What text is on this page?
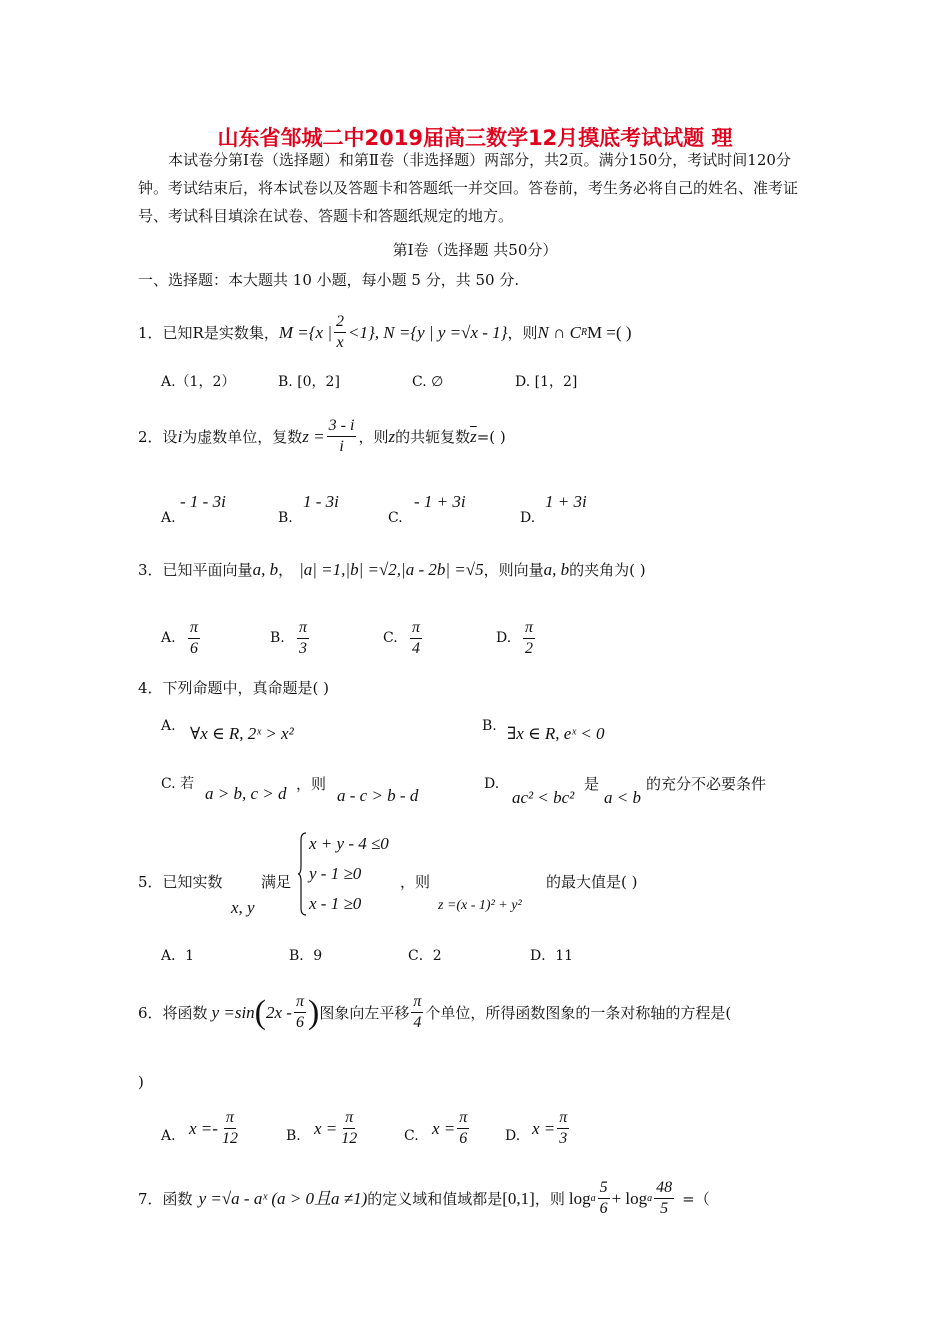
山东省邹城二中2019届高三数学12月摸底考试试题 理
本试卷分第Ⅰ卷（选择题）和第Ⅱ卷（非选择题）两部分，共2页。满分150分，考试时间120分钟。考试结束后，将本试卷以及答题卡和答题纸一并交回。答卷前，考生务必将自己的姓名、准考证号、考试科目填涂在试卷、答题卡和答题纸规定的地方。
第Ⅰ卷（选择题 共50分）
一、选择题：本大题共 10 小题，每小题 5 分，共 50 分.
1． 已知R是实数集， M ={x | $\frac{2}{x} <1$}, N ={y | y =√x - 1} ，则 N ∩ C R M =( )
A.（1，2）	B. [0，2]	C. ∅	D. [1，2]
2． 设 i 为虚数单位，复数 $z = \frac{3 - i}{i}$ ，则 z 的共轭复数 $\overline{z}$ =( )
A.
- 1 - 3i
B.
1 - 3i
C.
- 1 + 3i
D.
1 + 3i
3． 已知平面向量 a, b ， |a| =1,|b| =√2,|a - 2b| =√5 ，则向量 a, b 的夹角为( )
A. $\frac{\pi}{6}$	B. $\frac{\pi}{3}$	C. $\frac{\pi}{4}$	D. $\frac{\pi}{2}$
4．下列命题中，真命题是( )
A. ∀x ∈ R, 2ˣ > x²	B. ∃x ∈ R, eˣ < 0
C. 若 a > b, c > d ，则
a - c > b - d
D.
ac² < bc²
是
a < b
的充分不必要条件
5．已知实数
x, y
满足
x + y - 4 ≤0
y - 1 ≥0
x - 1 ≥0
，则
z =(x - 1)² + y²
的最大值是( )
A．1	B．9	C．2	D．11
6． 将函数 y =sin ( $2x - \frac{\pi}{6}$ ) 图象向左平移 $\frac{\pi}{4}$ 个单位，所得函数图象的一条对称轴的方程是(
)
A. $x =- \frac{\pi}{12}$	B. $x = \frac{\pi}{12}$	C. $x = \frac{\pi}{6}$	D. $x = \frac{\pi}{3}$
7． 函数 y =√a - aˣ (a > 0且a ≠1) 的定义域和值域都是 [0,1] ，则 log a $\frac{5}{6} + \log a \frac{48}{5}$ =（
